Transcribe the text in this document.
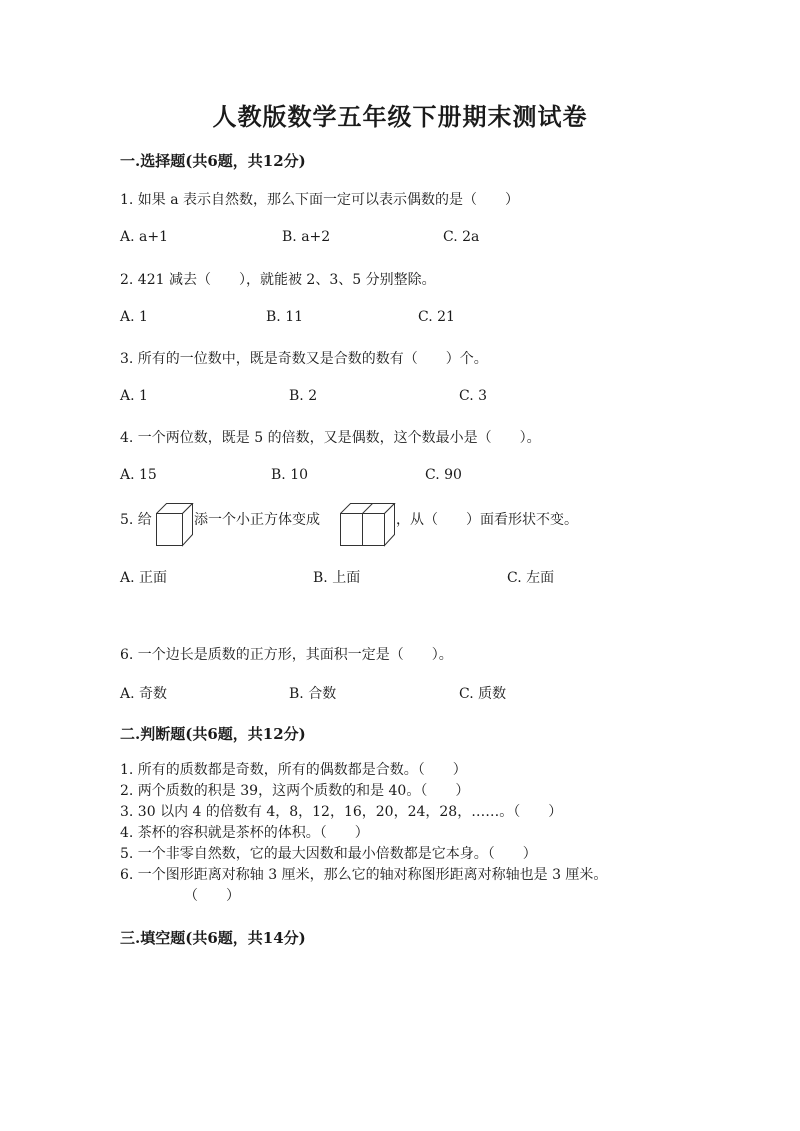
人教版数学五年级下册期末测试卷
一.选择题(共6题，共12分)
1. 如果 a 表示自然数，那么下面一定可以表示偶数的是（　　）
A. a+1	B. a+2	C. 2a
2. 421 减去（　　），就能被 2、3、5 分别整除。
A. 1	B. 11	C. 21
3. 所有的一位数中，既是奇数又是合数的数有（　　）个。
A. 1	B. 2	C. 3
4. 一个两位数，既是 5 的倍数，又是偶数，这个数最小是（　　）。
A. 15	B. 10	C. 90
5. 给	添一个小正方体变成	，从（　　）面看形状不变。
A. 正面	B. 上面	C. 左面
6. 一个边长是质数的正方形，其面积一定是（　　）。
A. 奇数	B. 合数	C. 质数
二.判断题(共6题，共12分)
1. 所有的质数都是奇数，所有的偶数都是合数。（　　）
2. 两个质数的积是 39，这两个质数的和是 40。（　　）
3. 30 以内 4 的倍数有 4，8，12，16，20，24，28，……。（　　）
4. 茶杯的容积就是茶杯的体积。（　　）
5. 一个非零自然数，它的最大因数和最小倍数都是它本身。（　　）
6. 一个图形距离对称轴 3 厘米，那么它的轴对称图形距离对称轴也是 3 厘米。
（　　）
三.填空题(共6题，共14分)
